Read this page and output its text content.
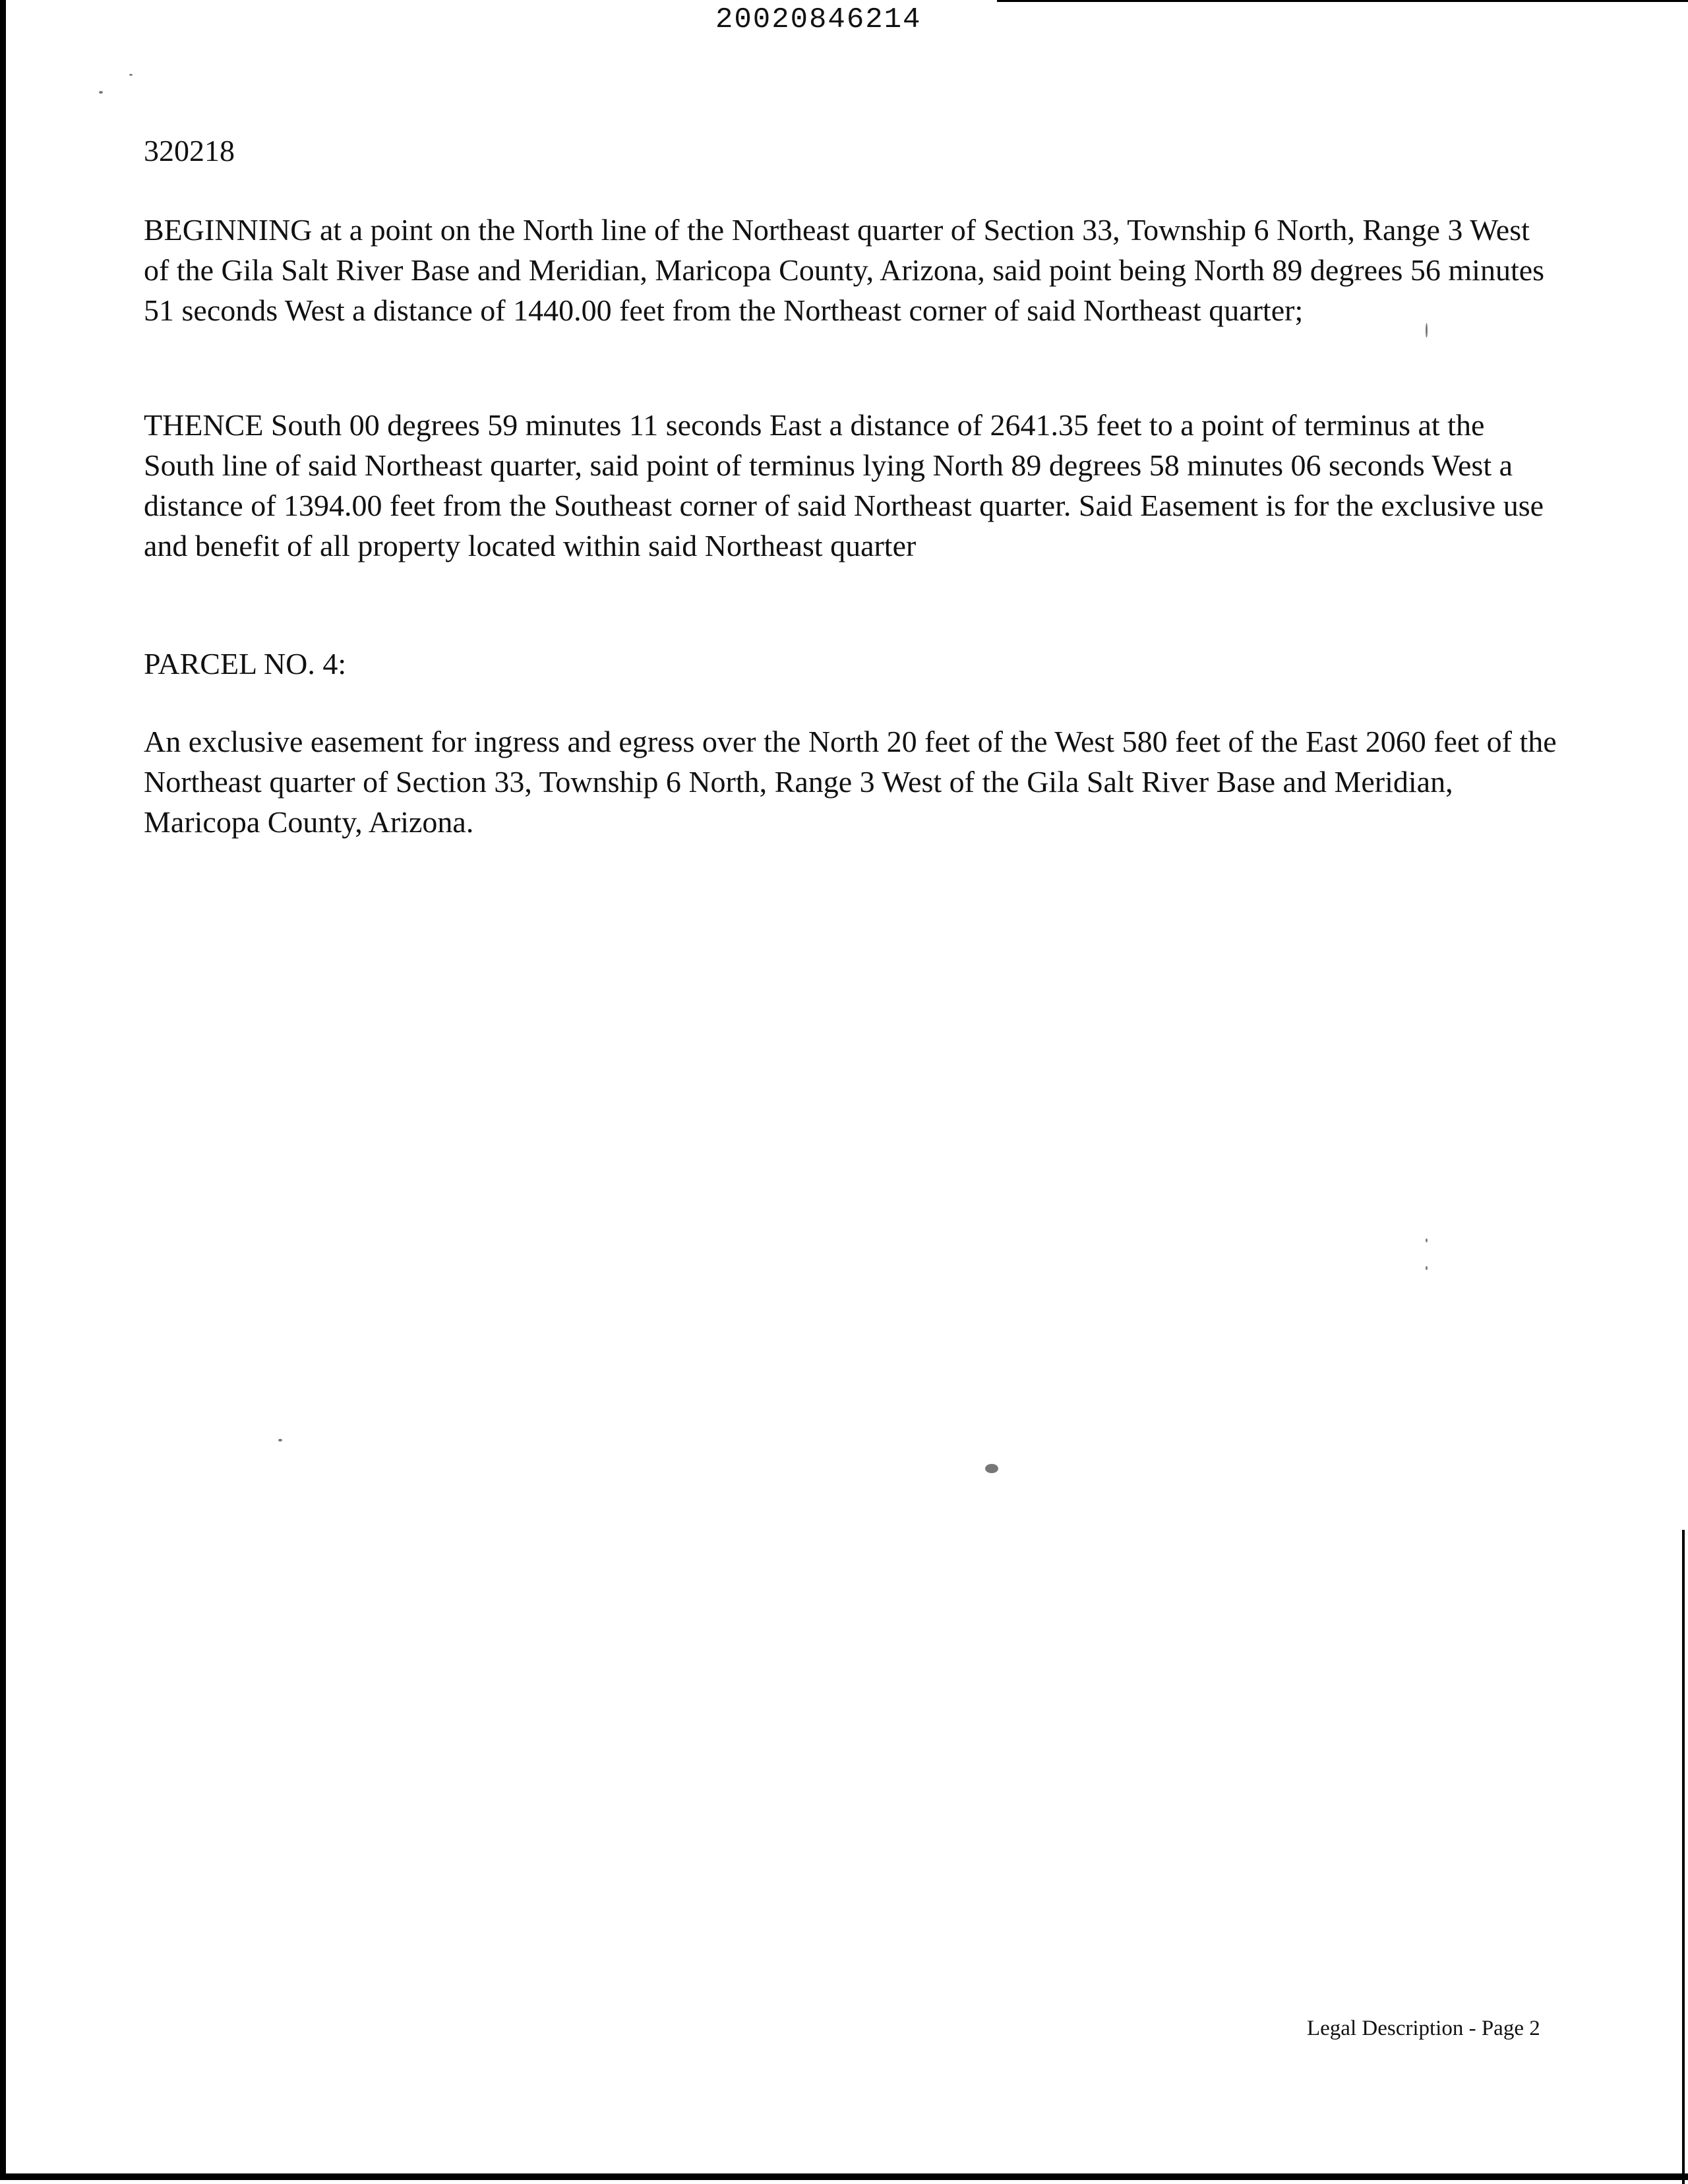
20020846214
320218

BEGINNING at a point on the North line of the Northeast quarter of Section 33, Township 6 North, Range 3 West of the Gila Salt River Base and Meridian, Maricopa County, Arizona, said point being North 89 degrees 56 minutes 51 seconds West a distance of 1440.00 feet from the Northeast corner of said Northeast quarter;

THENCE South 00 degrees 59 minutes 11 seconds East a distance of 2641.35 feet to a point of terminus at the South line of said Northeast quarter, said point of terminus lying North 89 degrees 58 minutes 06 seconds West a distance of 1394.00 feet from the Southeast corner of said Northeast quarter. Said Easement is for the exclusive use and benefit of all property located within said Northeast quarter

PARCEL NO. 4:

An exclusive easement for ingress and egress over the North 20 feet of the West 580 feet of the East 2060 feet of the Northeast quarter of Section 33, Township 6 North, Range 3 West of the Gila Salt River Base and Meridian, Maricopa County, Arizona.

Legal Description - Page 2
